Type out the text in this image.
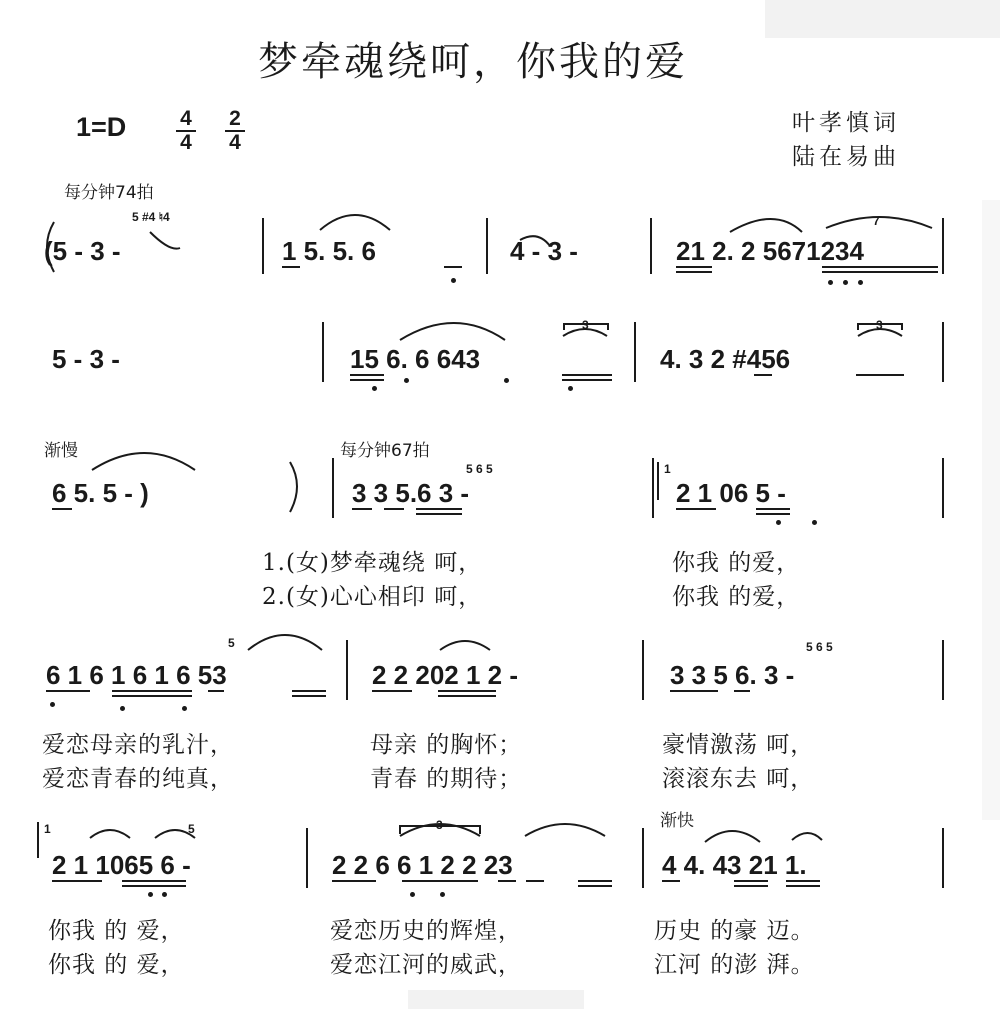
梦牵魂绕呵，你我的爱
$1=D \frac{4}{4} \frac{2}{4}$	叶孝慎词
陆在易曲
每分钟74拍
5 #4 ♮4	7
3	3
5 6 5	1
5	5 6 5
1	5	3
(5 - 3 -	1 5. 5. 6	4 - 3 -	21 2. 2 5671234
5 - 3 -	15 6. 6 643	4. 3 2 #456
渐慢	每分钟67拍
6 5. 5 - )	3 3 5.6 3 -	2 1 06 5 -
1.(女)梦牵魂绕 呵，	你我 的爱，
2.(女)心心相印 呵，	你我 的爱，
6 1 6 1 6 1 6 53	2 2 202 1 2 -	3 3 5 6. 3 -
爱恋母亲的乳汁，	母亲 的胸怀；	豪情激荡 呵，
爱恋青春的纯真，	青春 的期待；	滚滚东去 呵，
渐快
2 1 1065 6 -	2 2 6 6 1 2 2 23	4 4. 43 21 1.
你我 的 爱，	爱恋历史的辉煌，	历史 的豪 迈。
你我 的 爱，	爱恋江河的威武，	江河 的澎 湃。
